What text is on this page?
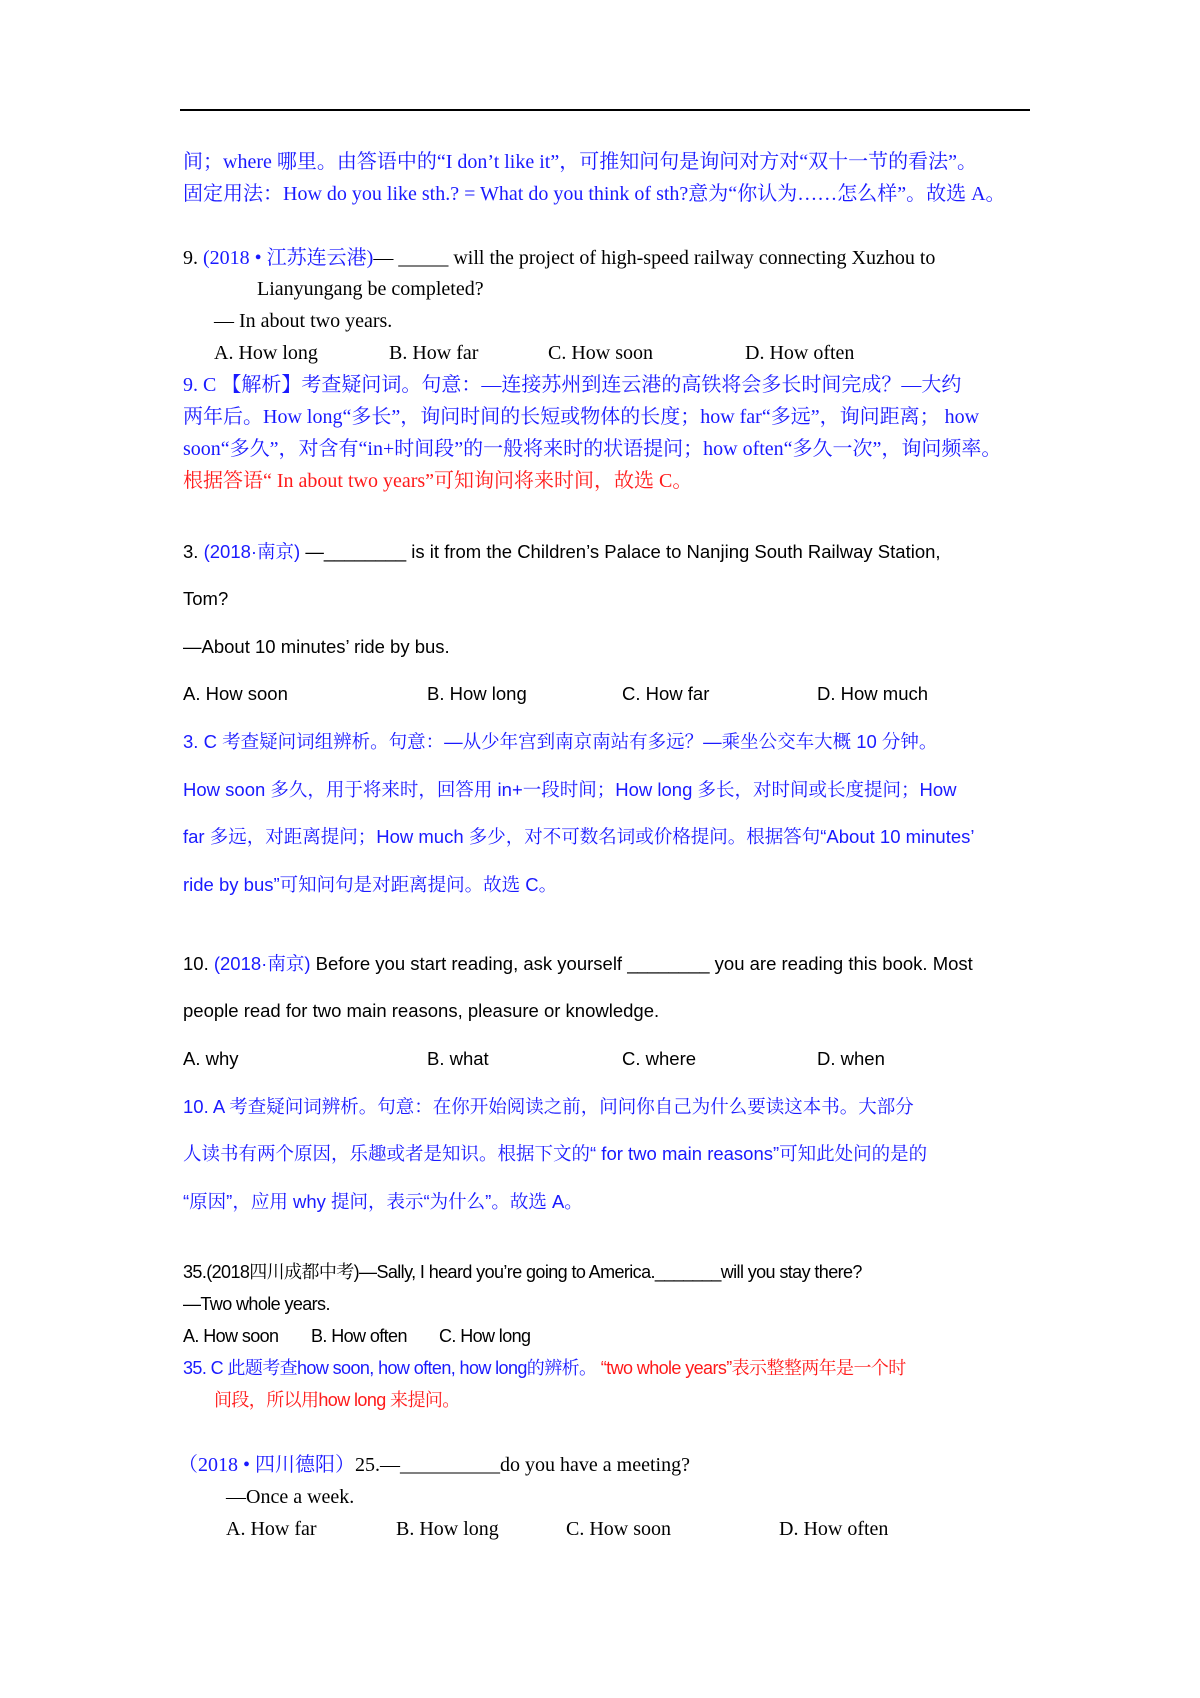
间；where 哪里。由答语中的“I don’t like it”，可推知问句是询问对方对“双十一节的看法”。
固定用法：How do you like sth.? = What do you think of sth?意为“你认为……怎么样”。故选 A。
9. (2018 • 江苏连云港)— _____ will the project of high-speed railway connecting Xuzhou to
Lianyungang be completed?
— In about two years.
A. How long	B. How far	C. How soon	D. How often
9. C 【解析】考查疑问词。句意：—连接苏州到连云港的高铁将会多长时间完成？—大约
两年后。How long“多长”，询问时间的长短或物体的长度；how far“多远”，询问距离； how
soon“多久”，对含有“in+时间段”的一般将来时的状语提问；how often“多久一次”，询问频率。
根据答语“ In about two years”可知询问将来时间，故选 C。
3. (2018·南京) —________ is it from the Children’s Palace to Nanjing South Railway Station,
Tom?
—About 10 minutes’ ride by bus.
A. How soon	B. How long	C. How far	D. How much
3. C 考查疑问词组辨析。句意：—从少年宫到南京南站有多远？—乘坐公交车大概 10 分钟。
How soon 多久，用于将来时，回答用 in+一段时间；How long 多长，对时间或长度提问；How
far 多远，对距离提问；How much 多少，对不可数名词或价格提问。根据答句“About 10 minutes’
ride by bus”可知问句是对距离提问。故选 C。
10. (2018·南京) Before you start reading, ask yourself ________ you are reading this book. Most
people read for two main reasons, pleasure or knowledge.
A. why	B. what	C. where	D. when
10. A 考查疑问词辨析。句意：在你开始阅读之前，问问你自己为什么要读这本书。大部分
人读书有两个原因，乐趣或者是知识。根据下文的“ for two main reasons”可知此处问的是的
“原因”，应用 why 提问，表示“为什么”。故选 A。
35.(2018四川成都中考)—Sally, I heard you’re going to America._______will you stay there?
—Two whole years.
A. How soon B. How often C. How long
35. C 此题考查how soon, how often, how long的辨析。 “two whole years”表示整整两年是一个时
间段，所以用how long 来提问。
（2018 • 四川德阳）25.—__________do you have a meeting?
—Once a week.
A. How far	B. How long	C. How soon	D. How often
